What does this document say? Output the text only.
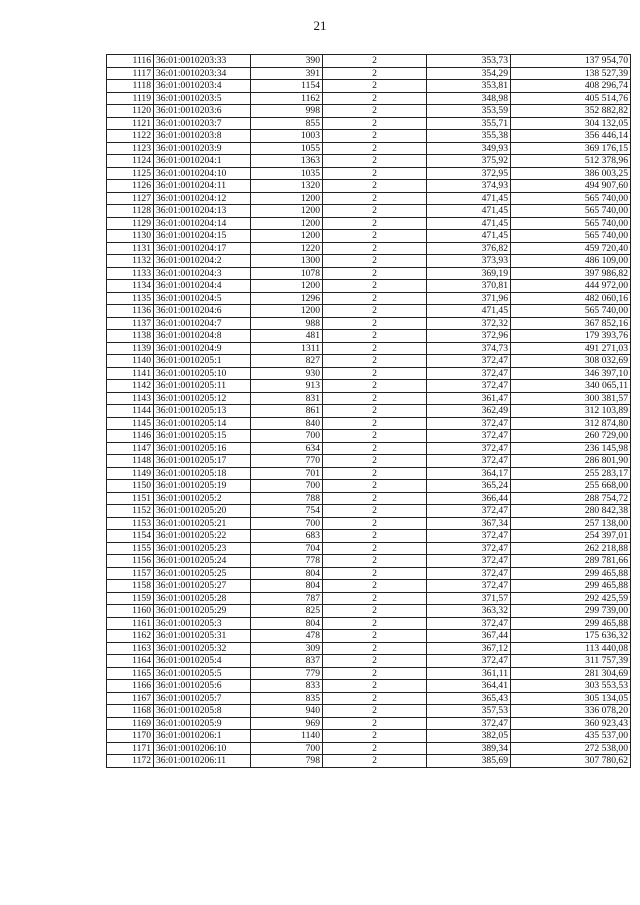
21
1116	36:01:0010203:33	390	2	353,73	137 954,70
1117	36:01:0010203:34	391	2	354,29	138 527,39
1118	36:01:0010203:4	1154	2	353,81	408 296,74
1119	36:01:0010203:5	1162	2	348,98	405 514,76
1120	36:01:0010203:6	998	2	353,59	352 882,82
1121	36:01:0010203:7	855	2	355,71	304 132,05
1122	36:01:0010203:8	1003	2	355,38	356 446,14
1123	36:01:0010203:9	1055	2	349,93	369 176,15
1124	36:01:0010204:1	1363	2	375,92	512 378,96
1125	36:01:0010204:10	1035	2	372,95	386 003,25
1126	36:01:0010204:11	1320	2	374,93	494 907,60
1127	36:01:0010204:12	1200	2	471,45	565 740,00
1128	36:01:0010204:13	1200	2	471,45	565 740,00
1129	36:01:0010204:14	1200	2	471,45	565 740,00
1130	36:01:0010204:15	1200	2	471,45	565 740,00
1131	36:01:0010204:17	1220	2	376,82	459 720,40
1132	36:01:0010204:2	1300	2	373,93	486 109,00
1133	36:01:0010204:3	1078	2	369,19	397 986,82
1134	36:01:0010204:4	1200	2	370,81	444 972,00
1135	36:01:0010204:5	1296	2	371,96	482 060,16
1136	36:01:0010204:6	1200	2	471,45	565 740,00
1137	36:01:0010204:7	988	2	372,32	367 852,16
1138	36:01:0010204:8	481	2	372,96	179 393,76
1139	36:01:0010204:9	1311	2	374,73	491 271,03
1140	36:01:0010205:1	827	2	372,47	308 032,69
1141	36:01:0010205:10	930	2	372,47	346 397,10
1142	36:01:0010205:11	913	2	372,47	340 065,11
1143	36:01:0010205:12	831	2	361,47	300 381,57
1144	36:01:0010205:13	861	2	362,49	312 103,89
1145	36:01:0010205:14	840	2	372,47	312 874,80
1146	36:01:0010205:15	700	2	372,47	260 729,00
1147	36:01:0010205:16	634	2	372,47	236 145,98
1148	36:01:0010205:17	770	2	372,47	286 801,90
1149	36:01:0010205:18	701	2	364,17	255 283,17
1150	36:01:0010205:19	700	2	365,24	255 668,00
1151	36:01:0010205:2	788	2	366,44	288 754,72
1152	36:01:0010205:20	754	2	372,47	280 842,38
1153	36:01:0010205:21	700	2	367,34	257 138,00
1154	36:01:0010205:22	683	2	372,47	254 397,01
1155	36:01:0010205:23	704	2	372,47	262 218,88
1156	36:01:0010205:24	778	2	372,47	289 781,66
1157	36:01:0010205:25	804	2	372,47	299 465,88
1158	36:01:0010205:27	804	2	372,47	299 465,88
1159	36:01:0010205:28	787	2	371,57	292 425,59
1160	36:01:0010205:29	825	2	363,32	299 739,00
1161	36:01:0010205:3	804	2	372,47	299 465,88
1162	36:01:0010205:31	478	2	367,44	175 636,32
1163	36:01:0010205:32	309	2	367,12	113 440,08
1164	36:01:0010205:4	837	2	372,47	311 757,39
1165	36:01:0010205:5	779	2	361,11	281 304,69
1166	36:01:0010205:6	833	2	364,41	303 553,53
1167	36:01:0010205:7	835	2	365,43	305 134,05
1168	36:01:0010205:8	940	2	357,53	336 078,20
1169	36:01:0010205:9	969	2	372,47	360 923,43
1170	36:01:0010206:1	1140	2	382,05	435 537,00
1171	36:01:0010206:10	700	2	389,34	272 538,00
1172	36:01:0010206:11	798	2	385,69	307 780,62
